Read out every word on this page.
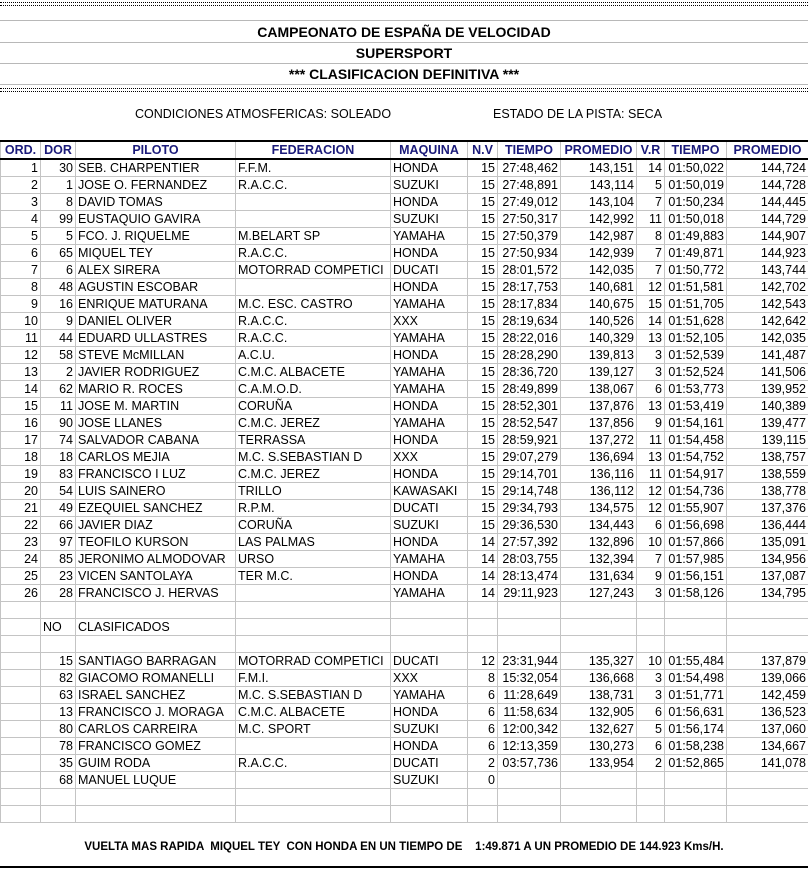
CAMPEONATO DE ESPAÑA DE VELOCIDAD
SUPERSPORT
*** CLASIFICACION DEFINITIVA ***
CONDICIONES ATMOSFERICAS: SOLEADO	ESTADO DE LA PISTA: SECA
ORD.	DOR	PILOTO	FEDERACION	MAQUINA	N.V	TIEMPO	PROMEDIO	V.R	TIEMPO	PROMEDIO
1	30	SEB. CHARPENTIER	F.F.M.	HONDA	15	27:48,462	143,151	14	01:50,022	144,724
2	1	JOSE O. FERNANDEZ	R.A.C.C.	SUZUKI	15	27:48,891	143,114	5	01:50,019	144,728
3	8	DAVID TOMAS		HONDA	15	27:49,012	143,104	7	01:50,234	144,445
4	99	EUSTAQUIO GAVIRA		SUZUKI	15	27:50,317	142,992	11	01:50,018	144,729
5	5	FCO. J. RIQUELME	M.BELART SP	YAMAHA	15	27:50,379	142,987	8	01:49,883	144,907
6	65	MIQUEL TEY	R.A.C.C.	HONDA	15	27:50,934	142,939	7	01:49,871	144,923
7	6	ALEX SIRERA	MOTORRAD COMPETICI	DUCATI	15	28:01,572	142,035	7	01:50,772	143,744
8	48	AGUSTIN ESCOBAR		HONDA	15	28:17,753	140,681	12	01:51,581	142,702
9	16	ENRIQUE MATURANA	M.C. ESC. CASTRO	YAMAHA	15	28:17,834	140,675	15	01:51,705	142,543
10	9	DANIEL OLIVER	R.A.C.C.	XXX	15	28:19,634	140,526	14	01:51,628	142,642
11	44	EDUARD ULLASTRES	R.A.C.C.	YAMAHA	15	28:22,016	140,329	13	01:52,105	142,035
12	58	STEVE McMILLAN	A.C.U.	HONDA	15	28:28,290	139,813	3	01:52,539	141,487
13	2	JAVIER RODRIGUEZ	C.M.C. ALBACETE	YAMAHA	15	28:36,720	139,127	3	01:52,524	141,506
14	62	MARIO R. ROCES	C.A.M.O.D.	YAMAHA	15	28:49,899	138,067	6	01:53,773	139,952
15	11	JOSE M. MARTIN	CORUÑA	HONDA	15	28:52,301	137,876	13	01:53,419	140,389
16	90	JOSE LLANES	C.M.C. JEREZ	YAMAHA	15	28:52,547	137,856	9	01:54,161	139,477
17	74	SALVADOR CABANA	TERRASSA	HONDA	15	28:59,921	137,272	11	01:54,458	139,115
18	18	CARLOS MEJIA	M.C. S.SEBASTIAN D	XXX	15	29:07,279	136,694	13	01:54,752	138,757
19	83	FRANCISCO I LUZ	C.M.C. JEREZ	HONDA	15	29:14,701	136,116	11	01:54,917	138,559
20	54	LUIS SAINERO	TRILLO	KAWASAKI	15	29:14,748	136,112	12	01:54,736	138,778
21	49	EZEQUIEL SANCHEZ	R.P.M.	DUCATI	15	29:34,793	134,575	12	01:55,907	137,376
22	66	JAVIER DIAZ	CORUÑA	SUZUKI	15	29:36,530	134,443	6	01:56,698	136,444
23	97	TEOFILO KURSON	LAS PALMAS	HONDA	14	27:57,392	132,896	10	01:57,866	135,091
24	85	JERONIMO ALMODOVAR	URSO	YAMAHA	14	28:03,755	132,394	7	01:57,985	134,956
25	23	VICEN SANTOLAYA	TER M.C.	HONDA	14	28:13,474	131,634	9	01:56,151	137,087
26	28	FRANCISCO J. HERVAS		YAMAHA	14	29:11,923	127,243	3	01:58,126	134,795

	NO	CLASIFICADOS								

	15	SANTIAGO BARRAGAN	MOTORRAD COMPETICI	DUCATI	12	23:31,944	135,327	10	01:55,484	137,879
	82	GIACOMO ROMANELLI	F.M.I.	XXX	8	15:32,054	136,668	3	01:54,498	139,066
	63	ISRAEL SANCHEZ	M.C. S.SEBASTIAN D	YAMAHA	6	11:28,649	138,731	3	01:51,771	142,459
	13	FRANCISCO J. MORAGA	C.M.C. ALBACETE	HONDA	6	11:58,634	132,905	6	01:56,631	136,523
	80	CARLOS CARREIRA	M.C. SPORT	SUZUKI	6	12:00,342	132,627	5	01:56,174	137,060
	78	FRANCISCO GOMEZ		HONDA	6	12:13,359	130,273	6	01:58,238	134,667
	35	GUIM RODA	R.A.C.C.	DUCATI	2	03:57,736	133,954	2	01:52,865	141,078
	68	MANUEL LUQUE		SUZUKI	0					

VUELTA MAS RAPIDA  MIQUEL TEY  CON HONDA EN UN TIEMPO DE    1:49.871 A UN PROMEDIO DE 144.923 Kms/H.
